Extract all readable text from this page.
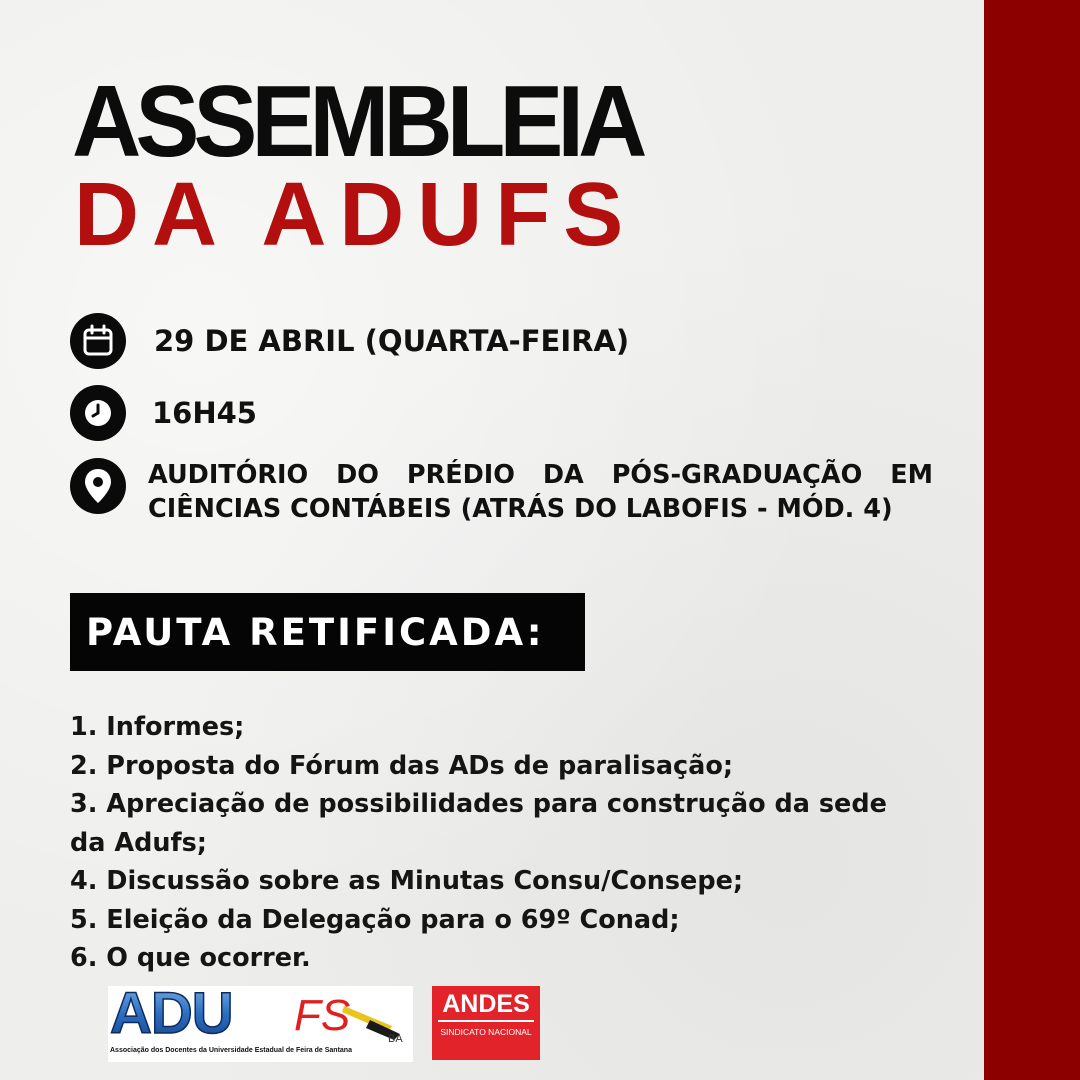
ASSEMBLEIA
DA ADUFS
29 DE ABRIL (QUARTA-FEIRA)
16H45
AUDITÓRIO DO PRÉDIO DA PÓS-GRADUAÇÃO EM
CIÊNCIAS CONTÁBEIS (ATRÁS DO LABOFIS - MÓD. 4)
PAUTA RETIFICADA:
1. Informes;
2. Proposta do Fórum das ADs de paralisação;
3. Apreciação de possibilidades para construção da sede
da Adufs;
4. Discussão sobre as Minutas Consu/Consepe;
5. Eleição da Delegação para o 69º Conad;
6. O que ocorrer.
ADU FS	BA
Associação dos Docentes da Universidade Estadual de Feira de Santana
ANDES
SINDICATO NACIONAL
